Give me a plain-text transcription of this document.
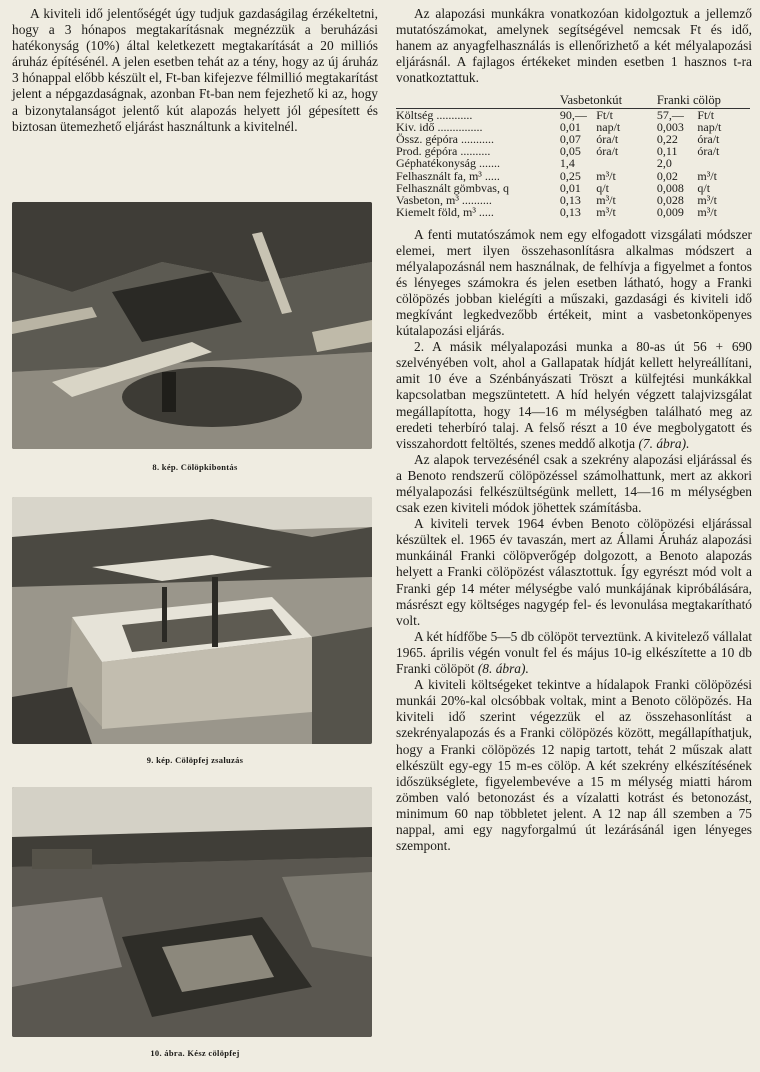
A kiviteli idő jelentőségét úgy tudjuk gazdaságilag érzékeltetni, hogy a 3 hónapos megtakarításnak megnézzük a beruházási hatékonyság (10%) által keletkezett megtakarítását a 20 milliós áruház építésénél. A jelen esetben tehát az a tény, hogy az új áruház 3 hónappal előbb készült el, Ft-ban kifejezve félmillió megtakarítást jelent a népgazdaságnak, azonban Ft-ban nem fejezhető ki az, hogy a bizonytalanságot jelentő kút alapozás helyett jól gépesített és biztosan ütemezhető eljárást használtunk a kivitelnél.

8. kép. Cölöpkibontás
9. kép. Cölöpfej zsaluzás
10. ábra. Kész cölöpfej

Az alapozási munkákra vonatkozóan kidolgoztuk a jellemző mutatószámokat, amelynek segítségével nemcsak Ft és idő, hanem az anyagfelhasználás is ellenőrizhető a két mélyalapozási eljárásnál. A fajlagos értékeket minden esetben 1 hasznos t-ra vonatkoztattuk.

	Vasbetonkút		Franki cölöp	
Költség ............	90,—	Ft/t	57,—	Ft/t
Kiv. idő ...............	0,01	nap/t	0,003	nap/t
Össz. gépóra ...........	0,07	óra/t	0,22	óra/t
Prod. gépóra ..........	0,05	óra/t	0,11	óra/t
Géphatékonyság .......	1,4		2,0	
Felhasznált fa, m³ .....	0,25	m³/t	0,02	m³/t
Felhasznált gömbvas, q	0,01	q/t	0,008	q/t
Vasbeton, m³ ..........	0,13	m³/t	0,028	m³/t
Kiemelt föld, m³ .....	0,13	m³/t	0,009	m³/t

A fenti mutatószámok nem egy elfogadott vizsgálati módszer elemei, mert ilyen összehasonlításra alkalmas módszert a mélyalapozásnál nem használnak, de felhívja a figyelmet a fontos és lényeges számokra és jelen esetben látható, hogy a Franki cölöpözés jobban kielégíti a műszaki, gazdasági és kiviteli idő megkívánt legkedvezőbb értékeit, mint a vasbetonköpenyes kútalapozási eljárás.

2. A másik mélyalapozási munka a 80-as út 56 + 690 szelvényében volt, ahol a Gallapatak hídját kellett helyreállítani, amit 10 éve a Szénbányászati Tröszt a külfejtési munkákkal kapcsolatban megszüntetett. A híd helyén végzett talajvizsgálat megállapította, hogy 14—16 m mélységben található meg az eredeti teherbíró talaj. A felső részt a 10 éve megbolygatott és visszahordott feltöltés, szenes meddő alkotja (7. ábra).

Az alapok tervezésénél csak a szekrény alapozási eljárással és a Benoto rendszerű cölöpözéssel számolhattunk, mert az akkori mélyalapozási felkészültségünk mellett, 14—16 m mélységben csak ezen kiviteli módok jöhettek számításba.

A kiviteli tervek 1964 évben Benoto cölöpözési eljárással készültek el. 1965 év tavaszán, mert az Állami Áruház alapozási munkáinál Franki cölöpverőgép dolgozott, a Benoto alapozás helyett a Franki cölöpözést választottuk. Így egyrészt mód volt a Franki gép 14 méter mélységbe való munkájának kipróbálására, másrészt egy költséges nagygép fel- és levonulása megtakarítható volt.

A két hídfőbe 5—5 db cölöpöt terveztünk. A kivitelező vállalat 1965. április végén vonult fel és május 10-ig elkészítette a 10 db Franki cölöpöt (8. ábra).

A kiviteli költségeket tekintve a hídalapok Franki cölöpözési munkái 20%-kal olcsóbbak voltak, mint a Benoto cölöpözés. Ha kiviteli idő szerint végezzük el az összehasonlítást a szekrényalapozás és a Franki cölöpözés között, megállapíthatjuk, hogy a Franki cölöpözés 12 napig tartott, tehát 2 műszak alatt elkészült egy-egy 15 m-es cölöp. A két szekrény elkészítésének időszükséglete, figyelembevéve a 15 m mélység miatti három zömben való betonozást és a vízalatti kotrást és betonozást, minimum 60 nap többletet jelent. A 12 nap áll szemben a 75 nappal, ami egy nagyforgalmú út lezárásánál igen lényeges szempont.
